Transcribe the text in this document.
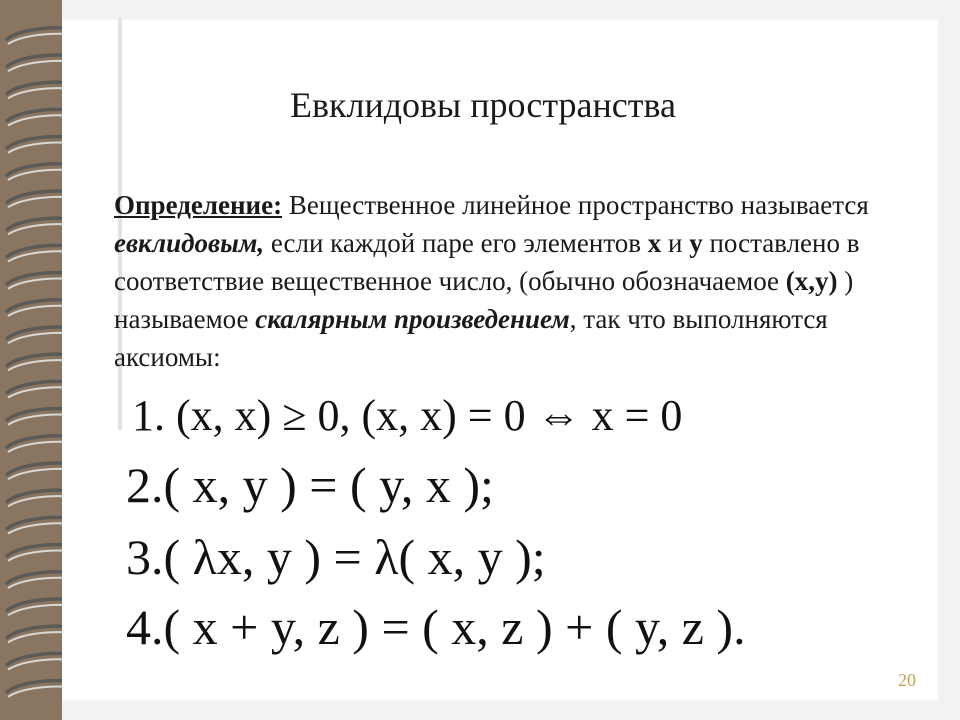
Евклидовы пространства
Определение: Вещественное линейное пространство называется евклидовым, если каждой паре его элементов x и y поставлено в соответствие вещественное число, (обычно обозначаемое (x,y) ) называемое скалярным произведением, так что выполняются аксиомы:
1. (x, x) ≥ 0, (x, x) = 0 ⇔ x = 0
2.( x, y ) = ( y, x );
3.( λx, y ) = λ( x, y );
4.( x + y, z ) = ( x, z ) + ( y, z ).
20
